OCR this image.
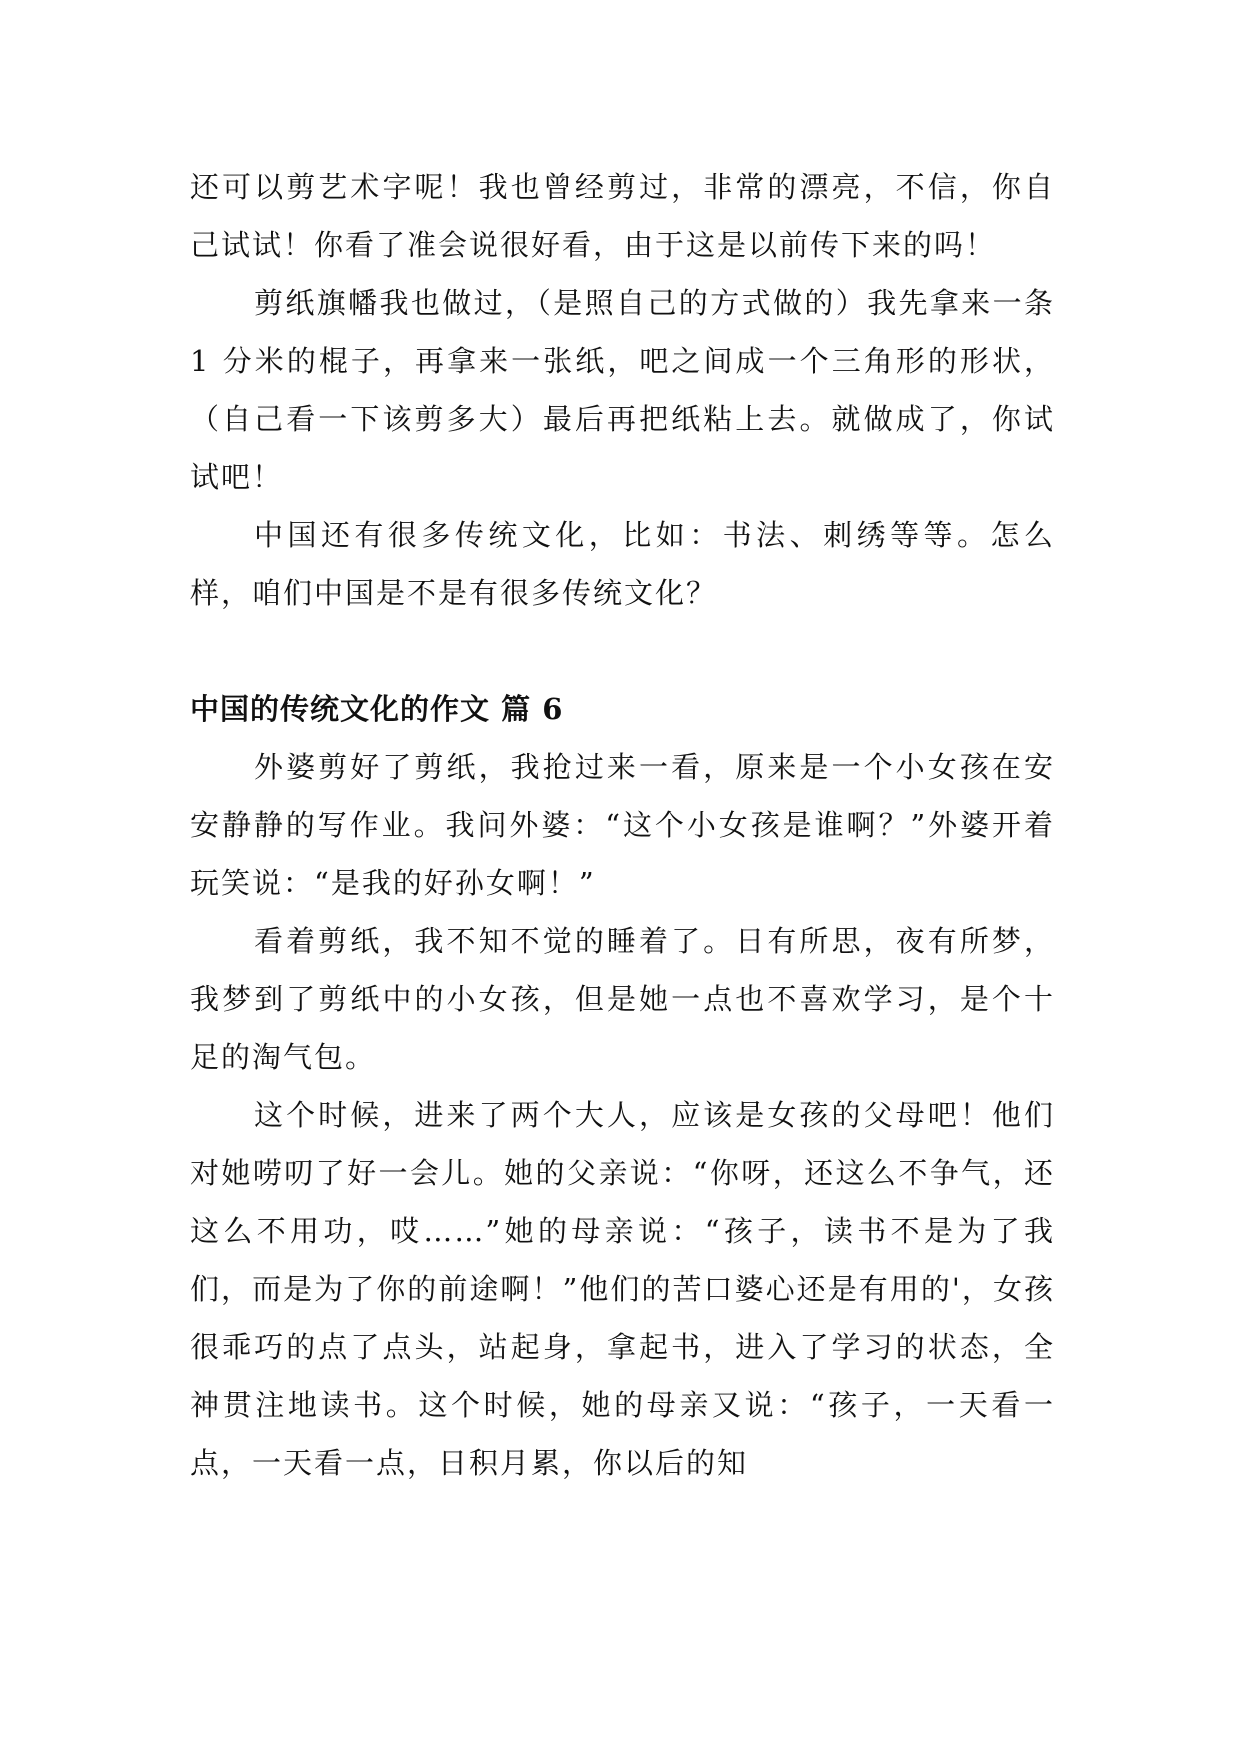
还可以剪艺术字呢！我也曾经剪过，非常的漂亮，不信，你自己试试！你看了准会说很好看，由于这是以前传下来的吗！

剪纸旗幡我也做过，（是照自己的方式做的）我先拿来一条 1 分米的棍子，再拿来一张纸，吧之间成一个三角形的形状，（自己看一下该剪多大）最后再把纸粘上去。就做成了，你试试吧！

中国还有很多传统文化，比如：书法、刺绣等等。怎么样，咱们中国是不是有很多传统文化？

中国的传统文化的作文 篇 6

外婆剪好了剪纸，我抢过来一看，原来是一个小女孩在安安静静的写作业。我问外婆：“这个小女孩是谁啊？”外婆开着玩笑说：“是我的好孙女啊！”

看着剪纸，我不知不觉的睡着了。日有所思，夜有所梦，我梦到了剪纸中的小女孩，但是她一点也不喜欢学习，是个十足的淘气包。

这个时候，进来了两个大人，应该是女孩的父母吧！他们对她唠叨了好一会儿。她的父亲说：“你呀，还这么不争气，还这么不用功，哎……”她的母亲说：“孩子，读书不是为了我们，而是为了你的前途啊！”他们的苦口婆心还是有用的'，女孩很乖巧的点了点头，站起身，拿起书，进入了学习的状态，全神贯注地读书。这个时候，她的母亲又说：“孩子，一天看一点，一天看一点，日积月累，你以后的知
